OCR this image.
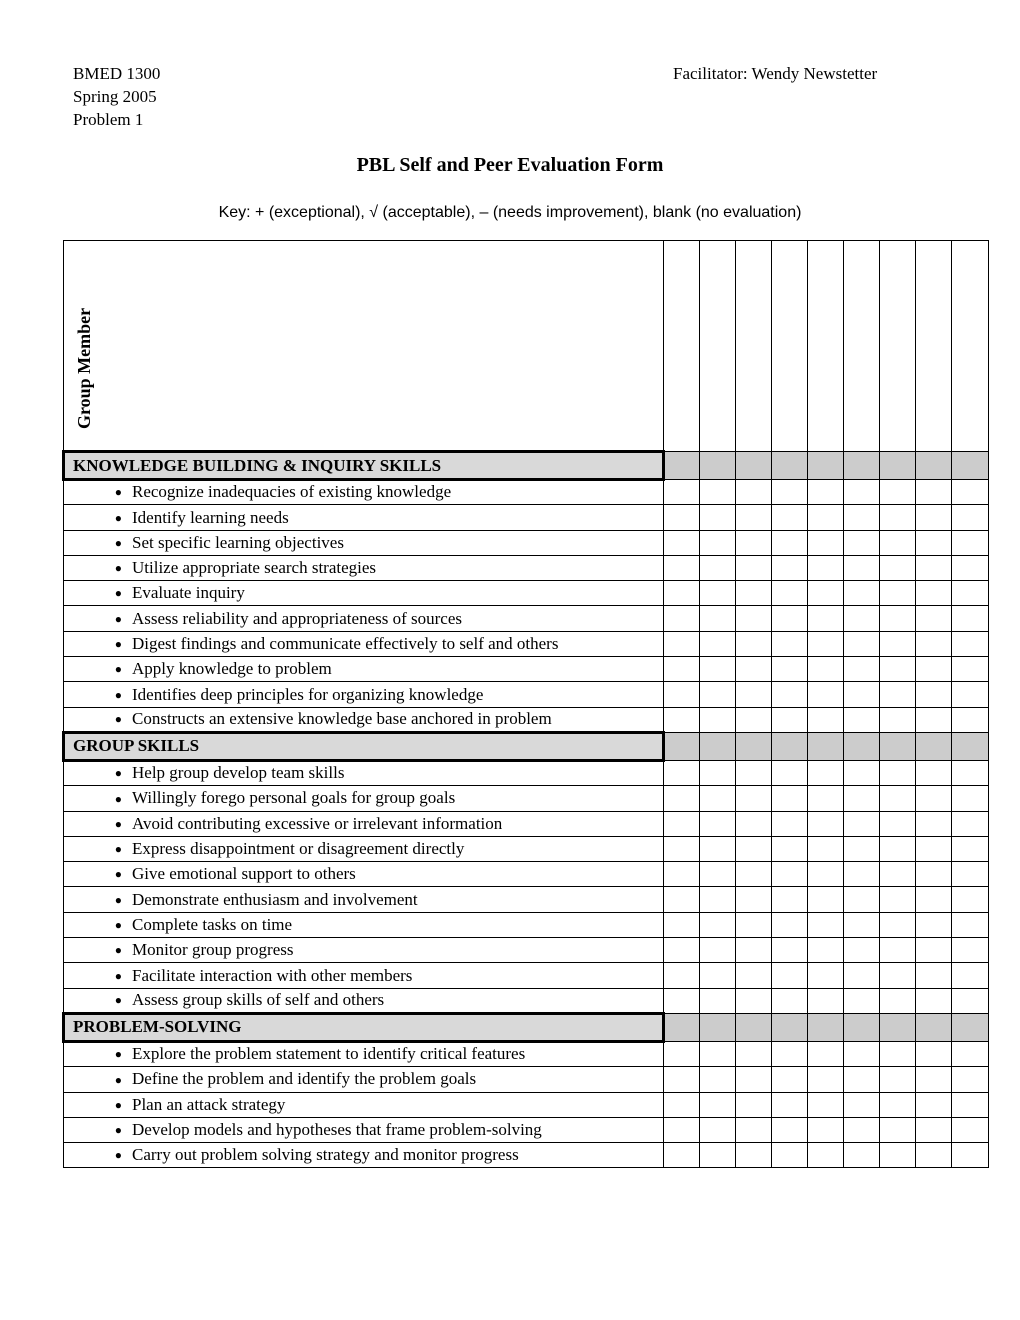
BMED 1300
Spring 2005
Problem 1
Facilitator: Wendy Newstetter
PBL Self and Peer Evaluation Form
Key: + (exceptional), √ (acceptable), – (needs improvement), blank (no evaluation)
Group Member									

KNOWLEDGE BUILDING & INQUIRY SKILLS									
● Recognize inadequacies of existing knowledge									
● Identify learning needs									
● Set specific learning objectives									
● Utilize appropriate search strategies									
● Evaluate inquiry									
● Assess reliability and appropriateness of sources									
● Digest findings and communicate effectively to self and others									
● Apply knowledge to problem									
● Identifies deep principles for organizing knowledge									
● Constructs an extensive knowledge base anchored in problem									
GROUP SKILLS									
● Help group develop team skills									
● Willingly forego personal goals for group goals									
● Avoid contributing excessive or irrelevant information									
● Express disappointment or disagreement directly									
● Give emotional support to others									
● Demonstrate enthusiasm and involvement									
● Complete tasks on time									
● Monitor group progress									
● Facilitate interaction with other members									
● Assess group skills of self and others									
PROBLEM-SOLVING									
● Explore the problem statement to identify critical features									
● Define the problem and identify the problem goals									
● Plan an attack strategy									
● Develop models and hypotheses that frame problem-solving									
● Carry out problem solving strategy and monitor progress									
